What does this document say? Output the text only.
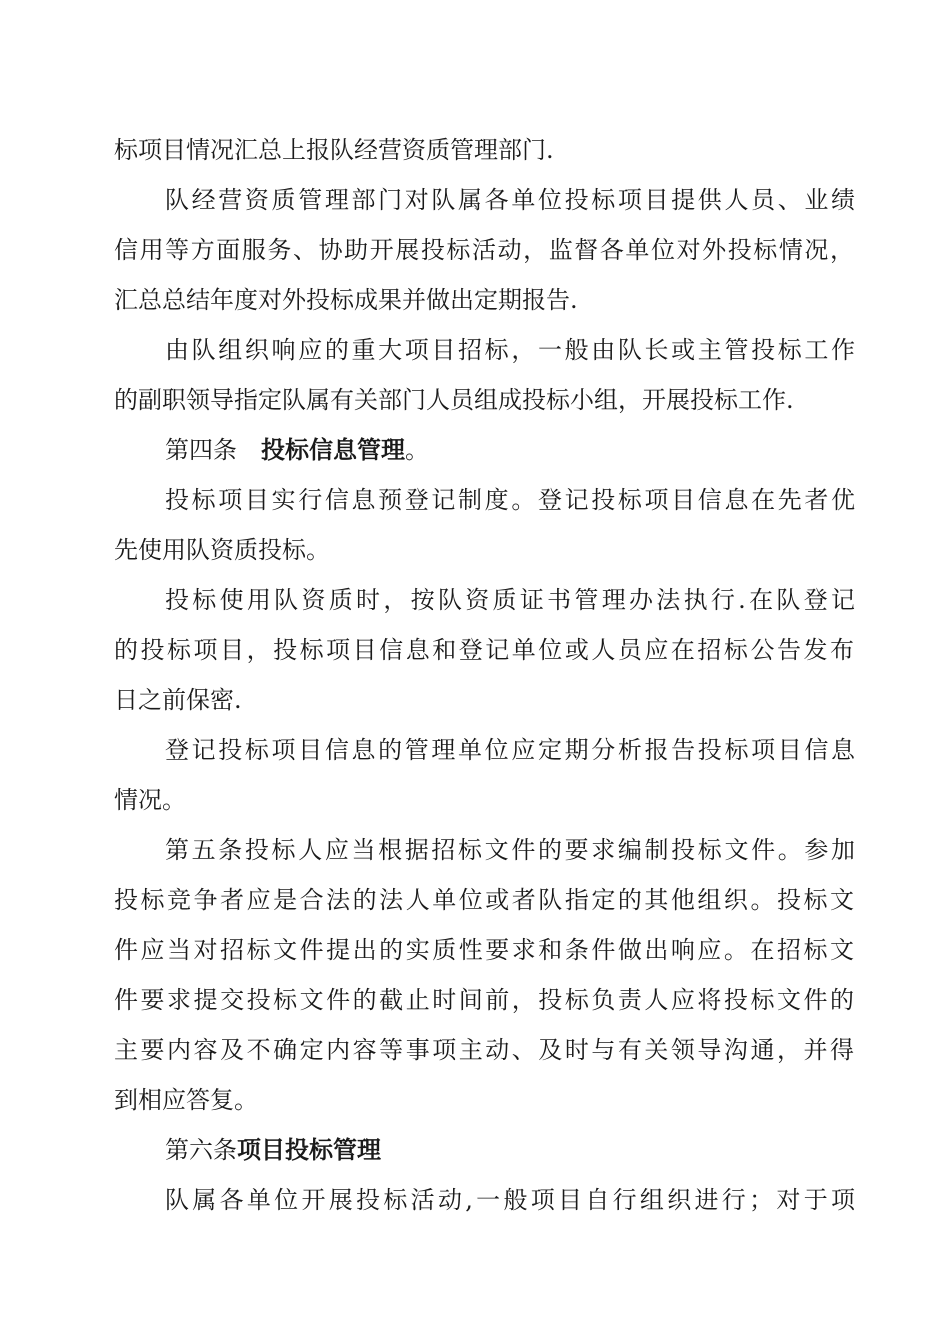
标项目情况汇总上报队经营资质管理部门.
队经营资质管理部门对队属各单位投标项目提供人员、业绩
信用等方面服务、协助开展投标活动，监督各单位对外投标情况，
汇总总结年度对外投标成果并做出定期报告.
由队组织响应的重大项目招标，一般由队长或主管投标工作
的副职领导指定队属有关部门人员组成投标小组，开展投标工作.
第四条 投标信息管理。
投标项目实行信息预登记制度。登记投标项目信息在先者优
先使用队资质投标。
投标使用队资质时，按队资质证书管理办法执行.在队登记
的投标项目，投标项目信息和登记单位或人员应在招标公告发布
日之前保密.
登记投标项目信息的管理单位应定期分析报告投标项目信息
情况。
第五条投标人应当根据招标文件的要求编制投标文件。参加
投标竞争者应是合法的法人单位或者队指定的其他组织。投标文
件应当对招标文件提出的实质性要求和条件做出响应。在招标文
件要求提交投标文件的截止时间前，投标负责人应将投标文件的
主要内容及不确定内容等事项主动、及时与有关领导沟通，并得
到相应答复。
第六条项目投标管理
队属各单位开展投标活动,一般项目自行组织进行；对于项
